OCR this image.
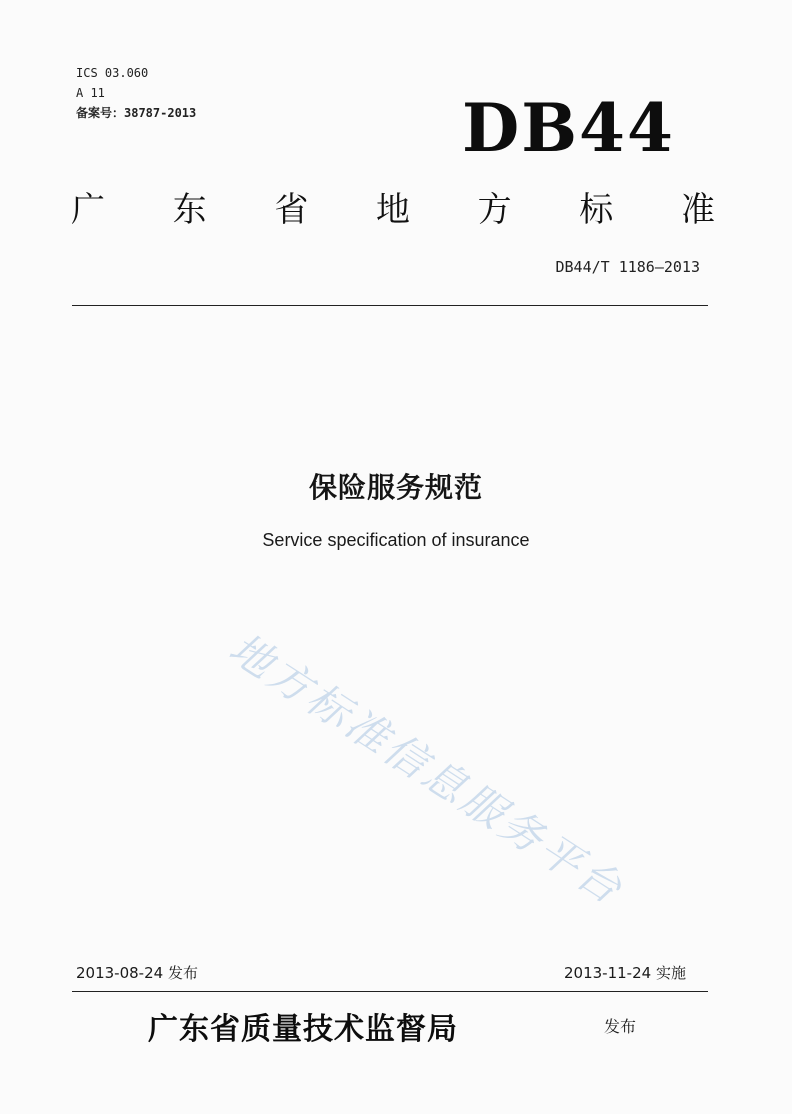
ICS 03.060
A 11
备案号：38787-2013	DB44
广 东 省 地 方 标 准
DB44/T 1186—2013
保险服务规范
Service specification of insurance
地方标准信息服务平台
2013-08-24 发布	2013-11-24 实施
广东省质量技术监督局	发布
